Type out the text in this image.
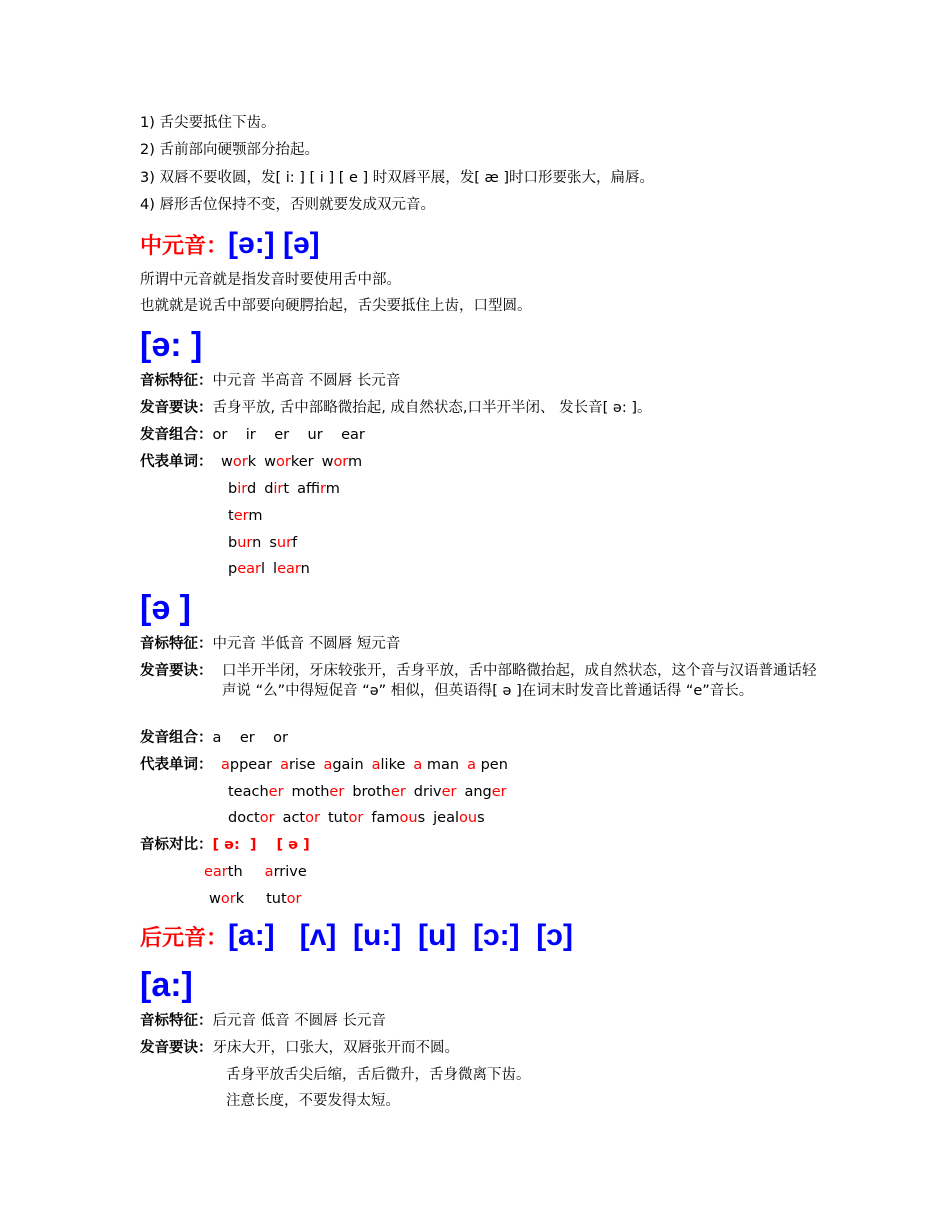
1) 舌尖要抵住下齿。
2) 舌前部向硬颚部分抬起。
3) 双唇不要收圆，发[ i: ] [ i ] [ e ] 时双唇平展，发[ æ ]时口形要张大，扁唇。
4) 唇形舌位保持不变，否则就要发成双元音。
中元音：[ə:] [ə]
所谓中元音就是指发音时要使用舌中部。
也就就是说舌中部要向硬腭抬起，舌尖要抵住上齿，口型圆。
[ə: ]
音标特征：中元音 半高音 不圆唇 长元音
发音要诀：舌身平放, 舌中部略微抬起, 成自然状态,口半开半闭、 发长音[ ə: ]。
发音组合：or    ir    er    ur    ear
代表单词： work worker worm
bird dirt affirm
term
burn surf
pearl learn
[ə ]
音标特征：中元音 半低音 不圆唇 短元音
发音要诀： 口半开半闭，牙床较张开，舌身平放，舌中部略微抬起，成自然状态，这个音与汉语普通话轻声说 “么”中得短促音 “ə” 相似，但英语得[ ə ]在词末时发音比普通话得 “e”音长。
发音组合：a    er    or
代表单词： appear arise again alike a man a pen
teacher mother brother driver anger
doctor actor tutor famous jealous
音标对比：[ ə:  ] [ ə ]
earth arrive
work tutor
后元音：[a:]   [ʌ]  [u:]  [u]  [ɔ:]  [ɔ]
[a:]
音标特征：后元音 低音 不圆唇 长元音
发音要诀：牙床大开，口张大，双唇张开而不圆。
舌身平放舌尖后缩，舌后微升，舌身微离下齿。
注意长度，不要发得太短。
